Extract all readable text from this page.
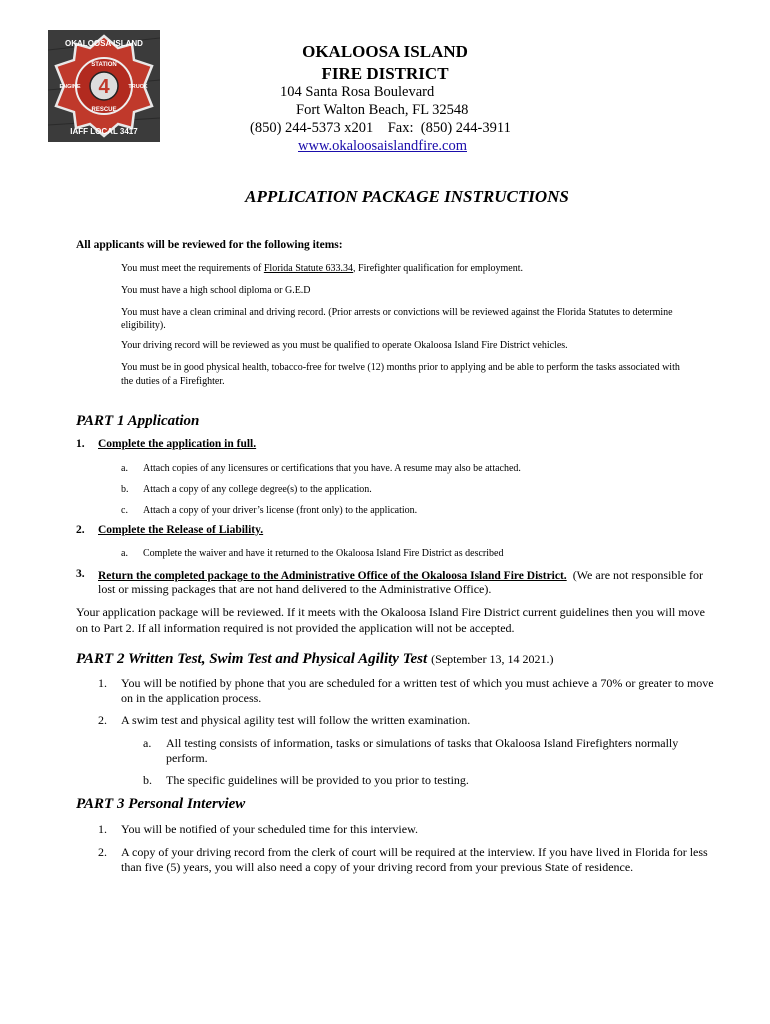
4
OKALOOSA ISLAND
STATION
ENGINE	TRUCK
RESCUE
IAFF LOCAL 3417
OKALOOSA ISLAND
FIRE DISTRICT
104 Santa Rosa Boulevard
Fort Walton Beach, FL 32548
(850) 244-5373 x201    Fax:  (850) 244-3911
www.okaloosaislandfire.com
APPLICATION PACKAGE INSTRUCTIONS
All applicants will be reviewed for the following items:
You must meet the requirements of Florida Statute 633.34, Firefighter qualification for employment.
You must have a high school diploma or G.E.D
You must have a clean criminal and driving record. (Prior arrests or convictions will be reviewed against the Florida Statutes to determine
eligibility).
Your driving record will be reviewed as you must be qualified to operate Okaloosa Island Fire District vehicles.
You must be in good physical health, tobacco-free for twelve (12) months prior to applying and be able to perform the tasks associated with
the duties of a Firefighter.
PART 1 Application
1. Complete the application in full.
a. Attach copies of any licensures or certifications that you have. A resume may also be attached.
b. Attach a copy of any college degree(s) to the application.
c. Attach a copy of your driver’s license (front only) to the application.
2. Complete the Release of Liability.
a. Complete the waiver and have it returned to the Okaloosa Island Fire District as described
3. Return the completed package to the Administrative Office of the Okaloosa Island Fire District.  (We are not responsible for
lost or missing packages that are not hand delivered to the Administrative Office).
Your application package will be reviewed. If it meets with the Okaloosa Island Fire District current guidelines then you will move
on to Part 2. If all information required is not provided the application will not be accepted.
PART 2 Written Test, Swim Test and Physical Agility Test (September 13, 14 2021.)
1. You will be notified by phone that you are scheduled for a written test of which you must achieve a 70% or greater to move
on in the application process.
2. A swim test and physical agility test will follow the written examination.
a. All testing consists of information, tasks or simulations of tasks that Okaloosa Island Firefighters normally
perform.
b. The specific guidelines will be provided to you prior to testing.
PART 3 Personal Interview
1. You will be notified of your scheduled time for this interview.
2. A copy of your driving record from the clerk of court will be required at the interview. If you have lived in Florida for less
than five (5) years, you will also need a copy of your driving record from your previous State of residence.
